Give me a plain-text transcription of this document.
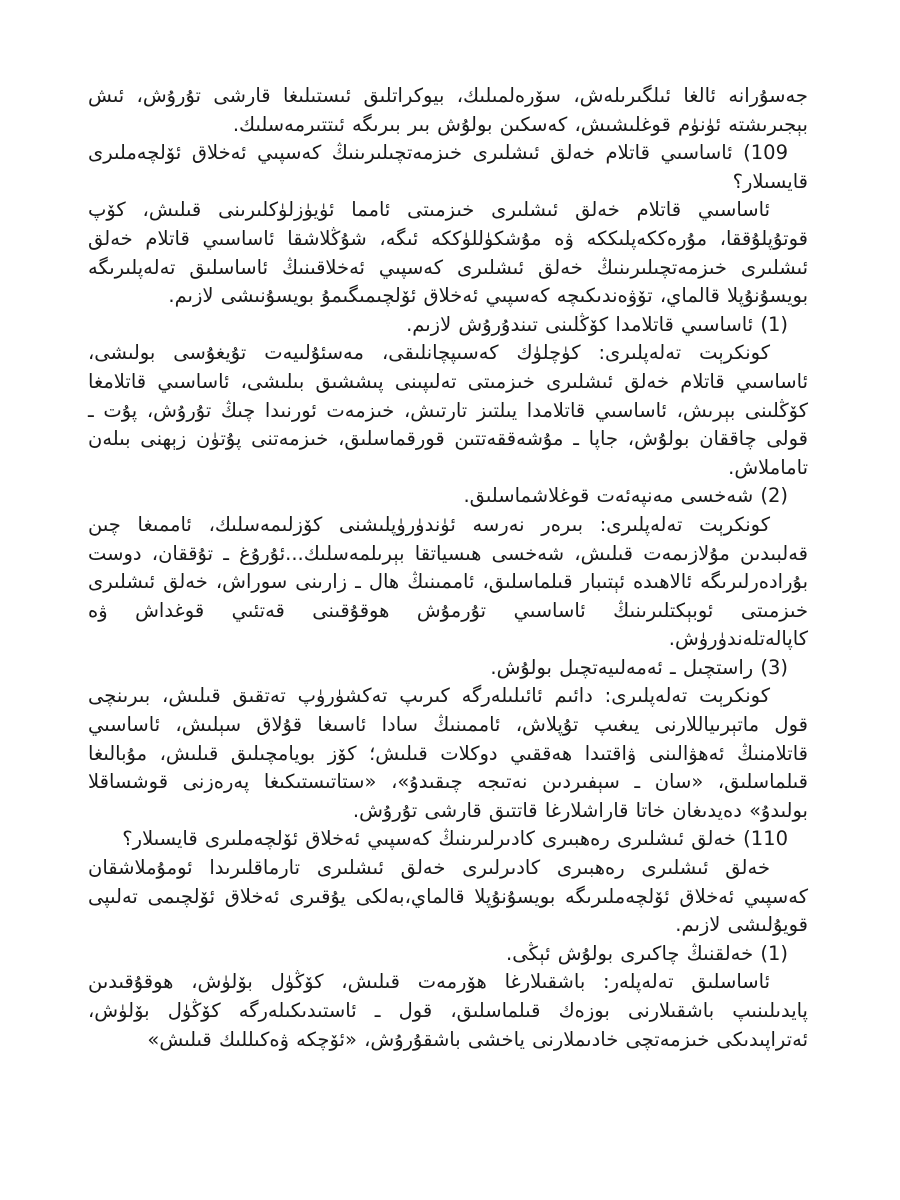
جەسۇرانە ئالغا ئىلگىرىلەش، سۆرەلمىلىك، بيوكراتلىق ئىستىلىغا قارشى تۇرۇش، ئىش بېجىرىشتە ئۈنۈم قوغلىشىش، كەسكىن بولۇش بىر بىرىگە ئىتتىرمەسلىك.

109) ئاساسىي قاتلام خەلق ئىشلىرى خىزمەتچىلىرىنىڭ كەسپىي ئەخلاق ئۆلچەملىرى قايسىلار؟

ئاساسىي قاتلام خەلق ئىشلىرى خىزمىتى ئامما ئۈيۈزلۈكلىرىنى قىلىش، كۆپ قوتۇپلۇققا، مۇرەككەپلىككە ۋە مۇشكۈللۈككە ئىگە، شۇڭلاشقا ئاساسىي قاتلام خەلق ئىشلىرى خىزمەتچىلىرىنىڭ خەلق ئىشلىرى كەسپىي ئەخلاقىنىڭ ئاساسلىق تەلەپلىرىگە بويسۇنۇپلا قالماي، تۆۋەندىكىچە كەسپىي ئەخلاق ئۆلچىمىگىمۇ بويسۇنىشى لازىم.

(1) ئاساسىي قاتلامدا كۆڭلىنى تىندۇرۇش لازىم.

كونكرېت تەلەپلىرى: كۈچلۈك كەسىپچانلىقى، مەسئۇلىيەت تۇيغۇسى بولىشى، ئاساسىي قاتلام خەلق ئىشلىرى خىزمىتى تەلىپىنى پىششىق بىلىشى، ئاساسىي قاتلامغا كۆڭلىنى بېرىش، ئاساسىي قاتلامدا يىلتىز تارتىش، خىزمەت ئورنىدا چىڭ تۇرۇش، پۇت ـ قولى چاققان بولۇش، جاپا ـ مۇشەققەتتىن قورقماسلىق، خىزمەتنى پۇتۈن زېھنى بىلەن تاماملاش.

(2) شەخسى مەنپەئەت قوغلاشماسلىق.

كونكرېت تەلەپلىرى: بىرەر نەرسە ئۈندۈرۈپلىشنى كۆزلىمەسلىك، ئاممىغا چىن قەلبىدىن مۇلازىمەت قىلىش، شەخسى ھىسياتقا بېرىلمەسلىك...ئۇرۇغ ـ تۇققان، دوست بۇرادەرلىرىگە ئالاھىدە ئېتىبار قىلماسلىق، ئاممىنىڭ ھال ـ زارىنى سوراش، خەلق ئىشلىرى خىزمىتى ئوبېكتلىرىنىڭ ئاساسىي تۇرمۇش ھوقۇقىنى قەتئىي قوغداش ۋە كاپالەتلەندۈرۈش.

(3) راستچىل ـ ئەمەلىيەتچىل بولۇش.

كونكرېت تەلەپلىرى: دائىم ئائىلىلەرگە كىرىپ تەكشۈرۈپ تەتقىق قىلىش، بىرىنچى قول ماتېرىياللارنى يىغىپ تۇپلاش، ئاممىنىڭ سادا ئاسىغا قۇلاق سېلىش، ئاساسىي قاتلامنىڭ ئەھۋالىنى ۋاقتىدا ھەققىي دوكلات قىلىش؛ كۆز بويامچىلىق قىلىش، مۇبالىغا قىلماسلىق، «سان ـ سېفىردىن نەتىجە چىقىدۇ»، «ستاتىستىكىغا پەرەزنى قوشساقلا بولىدۇ» دەيدىغان خاتا قاراشلارغا قاتتىق قارشى تۇرۇش.

110) خەلق ئىشلىرى رەھبىرى كادىرلىرىنىڭ كەسپىي ئەخلاق ئۆلچەملىرى قايسىلار؟

خەلق ئىشلىرى رەھبىرى كادىرلىرى خەلق ئىشلىرى تارماقلىرىدا ئومۇملاشقان كەسپىي ئەخلاق ئۆلچەملىرىگە بويسۇنۇپلا قالماي،بەلكى يۇقىرى ئەخلاق ئۆلچىمى تەلىپى قويۇلىشى لازىم.

(1) خەلقنىڭ چاكىرى بولۇش ئېڭى.

ئاساسلىق تەلەپلەر: باشقىلارغا ھۆرمەت قىلىش، كۆڭۈل بۆلۈش، ھوقۇقىدىن پايدىلىنىپ باشقىلارنى بوزەك قىلماسلىق، قول ـ ئاستىدىكىلەرگە كۆڭۈل بۆلۈش، ئەتراپىدىكى خىزمەتچى خادىملارنى ياخشى باشقۇرۇش، «ئۆچكە ۋەكىللىك قىلىش»
